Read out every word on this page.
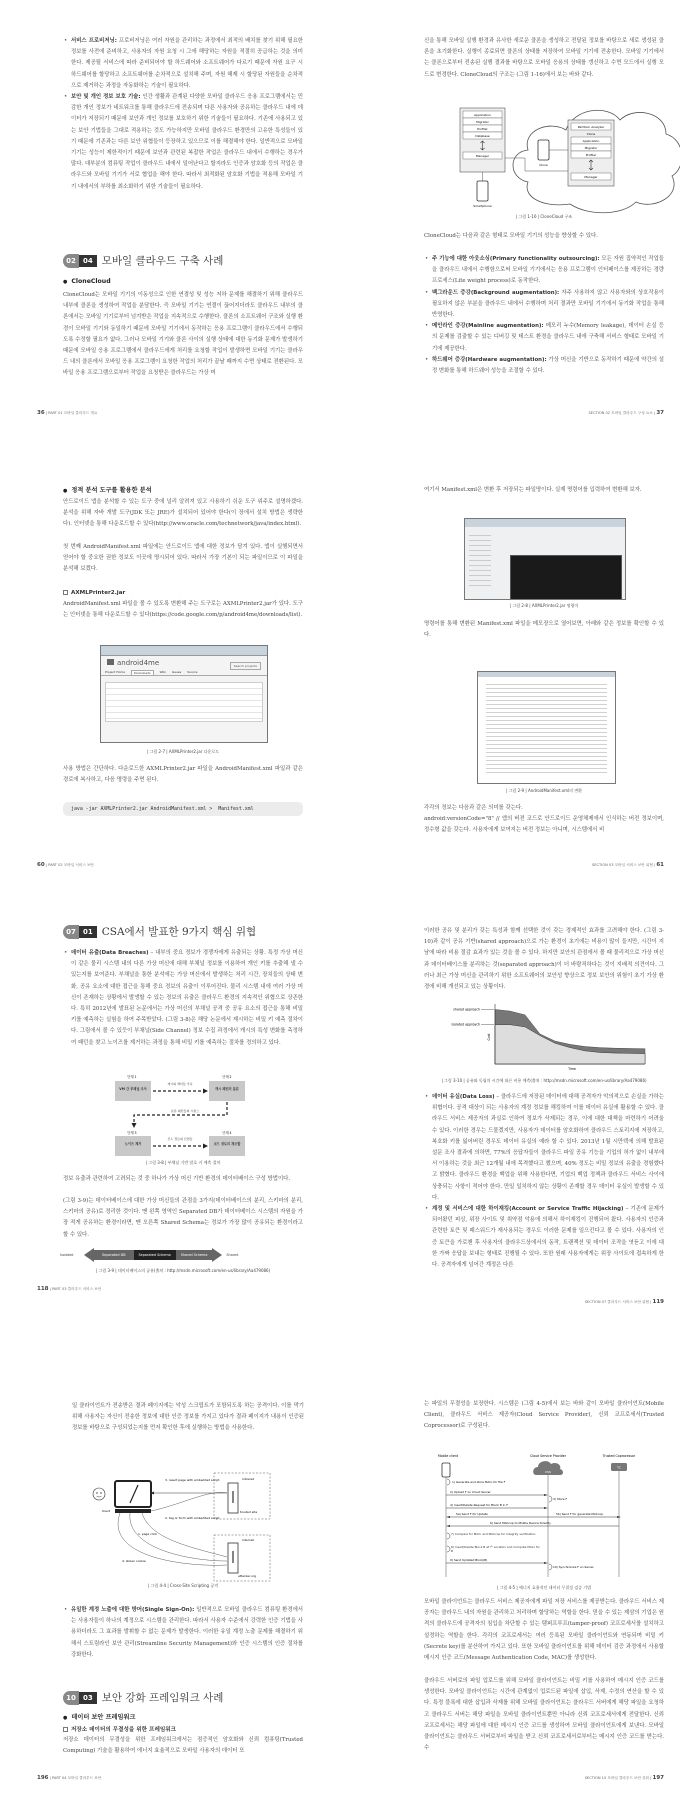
• 서비스 프로비저닝: 프로비저닝은 여러 자원을 관리하는 과정에서 최적의 배치를 찾기 위해 필요한 정보를 사전에 준비하고, 사용자의 자원 요청 시 그에 해당하는 자원을 적절히 공급하는 것을 의미한다. 제공될 서비스에 따라 준비되어야 할 하드웨어와 소프트웨어가 다르기 때문에 자원 요구 시 하드웨어를 할당하고 소프트웨어를 순차적으로 설치해 주며, 자원 해제 시 할당된 자원들을 순차적으로 제거하는 과정을 자동화하는 기술이 필요하다.
• 보안 및 개인 정보 보호 기술: 인간 생활과 관계된 다양한 모바일 클라우드 응용 프로그램에서는 민감한 개인 정보가 네트워크를 통해 클라우드에 전송되며 다른 사용자와 공유하는 클라우드 내에 데이터가 저장되기 때문에 보안과 개인 정보를 보호하기 위한 기술들이 필요하다. 기존에 사용되고 있는 보안 기법들을 그대로 적용하는 것도 가능하지만 모바일 클라우드 환경만의 고유한 특성들이 있기 때문에 기존과는 다른 보안 위협들이 등장하고 있으므로 이를 해결해야 한다. 일반적으로 모바일 기기는 성능이 제한적이기 때문에 보안과 관련된 복잡한 작업은 클라우드 내에서 수행하는 경우가 많다. 대부분의 컴퓨팅 작업이 클라우드 내에서 일어난다고 할지라도 인증과 암호화 등의 작업은 클라우드와 모바일 기기가 서로 협업을 해야 한다. 따라서 최적화된 암호화 기법을 적용해 모바일 기기 내에서의 부하를 최소화하기 위한 기술들이 필요하다.
02	04 모바일 클라우드 구축 사례
● CloneCloud
CloneCloud는 모바일 기기의 이동성으로 인한 연결성 및 성능 저하 문제를 해결하기 위해 클라우드 내부에 클론을 생성하여 작업을 분담한다. 즉 모바일 기기는 연결이 끊어지더라도 클라우드 내부의 클론에서는 모바일 기기로부터 넘겨받은 작업을 지속적으로 수행한다. 클론의 소프트웨어 구조와 실행 환경이 모바일 기기와 동일하기 때문에 모바일 기기에서 동작하는 응용 프로그램이 클라우드에서 수행되도록 수정할 필요가 없다. 그러나 모바일 기기와 클론 사이의 실행 상태에 대한 동기화 문제가 발생하기 때문에 모바일 응용 프로그램에서 클라우드에게 처리를 요청할 작업이 발생하면 모바일 기기는 클라우드 내의 클론에서 모바일 응용 프로그램이 요청한 작업의 처리가 끝날 때까지 수면 상태로 전환된다. 모바일 응용 프로그램으로부터 작업을 요청받은 클라우드는 가상 머
36 | PART 01 모바일 클라우드 개요
신을 통해 모바일 실행 환경과 유사한 새로운 클론을 생성하고 전달된 정보를 바탕으로 새로 생성된 클론을 초기화한다. 실행이 종료되면 클론의 상태를 저장하여 모바일 기기에 전송한다. 모바일 기기에서는 클론으로부터 전송된 실행 결과를 바탕으로 모바일 응용의 상태를 갱신하고 수면 모드에서 실행 모드로 변경한다. CloneCloud의 구조는 (그림 1-16)에서 보는 바와 같다.
Application
Migrator
Profiler
Database
Manager
Smartphone
Clone
Partition Analyzer
Clone
Application
Migrator
Profiler
Manager
| 그림 1-16 | CloneCloud 구조
CloneCloud는 다음과 같은 형태로 모바일 기기의 성능을 향상할 수 있다.
• 주 기능에 대한 아웃소싱(Primary functionality outsourcing): 모든 자원 집약적인 작업들을 클라우드 내에서 수행함으로써 모바일 기기에서는 응용 프로그램이 인터페이스를 제공하는 경량 프로세스(Lite weight process)로 동작한다.
• 백그라운드 증강(Background augmentation): 자주 사용하지 않고 사용자와의 상호작용이 필요하지 않은 부분을 클라우드 내에서 수행하며 처리 결과만 모바일 기기에서 동기화 작업을 통해 반영한다.
• 메인라인 증강(Mainline augmentation): 메모리 누수(Memory leakage), 데이터 손실 등의 문제를 검출할 수 있는 디버깅 및 테스트 환경을 클라우드 내에 구축해 서비스 형태로 모바일 기기에 제공한다.
• 하드웨어 증강(Hardware augmentation): 가상 머신을 기반으로 동작하기 때문에 약간의 설정 변화를 통해 하드웨어 성능을 조절할 수 있다.
SECTION 02 모바일 클라우드 구성 요소 | 37
● 정적 분석 도구를 활용한 분석
안드로이드 앱을 분석할 수 있는 도구 중에 널리 알려져 있고 사용하기 쉬운 도구 위주로 설명하겠다. 분석을 위해 자바 개발 도구(JDK 또는 JRE)가 설치되어 있어야 한다(이 장에서 설치 방법은 생략한다). 인터넷을 통해 다운로드할 수 있다(http://www.oracle.com/technetwork/java/index.html).
첫 번째 AndroidManifest.xml 파일에는 안드로이드 앱에 대한 정보가 담겨 있다. 앱이 실행되면서 얻어야 할 중요한 권한 정보도 이곳에 명시되어 있다. 따라서 가장 기본이 되는 파일이므로 이 파일을 분석해 보겠다.
AXMLPrinter2.jar
AndroidManifest.xml 파일을 볼 수 있도록 변환해 주는 도구로는 AXMLPrinter2.jar가 있다. 도구는 인터넷을 통해 다운로드할 수 있다(https://code.google.com/p/android4me/downloads/list).
android4me	Search projects
Project Home	Downloads	Wiki Issues Source
| 그림 2-7 | AXMLPrinter2.jar 다운로드
사용 방법은 간단하다. 다운로드한 AXMLPrinter2.jar 파일을 AndroidManifest.xml 파일과 같은 경로에 복사하고, 다음 명령을 주면 된다.
java -jar AXMLPrinter2.jar AndroidManifest.xml >  Manifest.xml
60 | PART 02 모바일 서비스 보안
여기서 Manifest.xml은 변환 후 저장되는 파일명이다. 실제 명령어를 입력하여 변환해 보자.
| 그림 2-8 | AXMLPrinter2.jar 명령어
명령어를 통해 변환된 Manifest.xml 파일을 메모장으로 열어보면, 아래와 같은 정보를 확인할 수 있다.
| 그림 2-9 | AndroidManifest.xml의 변환
각각의 정보는 다음과 같은 의미를 갖는다.
android:versionCode="8" // 앱의 버전 코드로 안드로이드 운영체제에서 인식하는 버전 정보이며, 정수형 값을 갖는다. 사용자에게 보여지는 버전 정보는 아니며, 시스템에서 비
SECTION 03 모바일 서비스 보안 위협 | 61
07	01 CSA에서 발표한 9가지 핵심 위협
• 데이터 유출(Data Breaches) – 내부의 중요 정보가 경쟁자에게 유출되는 상황. 특정 가상 머신이 같은 물리 시스템 내의 다른 가상 머신에 대해 부채널 정보를 이용하여 개인 키를 추출해 낼 수 있는지를 보여준다. 부채널을 통한 분석에는 가상 머신에서 발생하는 처리 시간, 장치들의 상태 변화, 공유 요소에 대한 접근을 통해 중요 정보의 유출이 이루어진다. 물리 시스템 내에 여러 가상 머신이 존재하는 상황에서 발생할 수 있는 정보의 유출은 클라우드 환경의 지속적인 위협으로 상존한다. 특히 2012년에 발표된 논문에서는 가상 머신의 부채널 공격 중 공유 요소의 접근을 통해 비밀 키를 예측하는 실험을 하여 주목받았다. (그림 3-8)은 해당 논문에서 제시하는 비밀 키 예측 절차이다. 그림에서 볼 수 있듯이 부채널(Side Channel) 정보 수집 과정에서 캐시의 특성 변화를 측정하여 패턴을 찾고 노이즈를 제거하는 과정을 통해 비밀 키를 예측하는 절차를 정의하고 있다.
단계 1
VM 간 부채널 조사
단계 2
캐시 패턴의 분류
캐시의 벡터들 가속
분류 패턴들의 시퀀스
단계 3
노이즈 제거
단계 4
코드 경로의 재조합
코드 경로의 단편들
| 그림 3-8 | 부채널 기반 암호 키 예측 절차
정보 유출과 관련하여 고려되는 것 중 하나가 가상 머신 기반 환경의 데이터베이스 구성 방법이다.
(그림 3-9)는 데이터베이스에 대한 가상 머신들의 관점을 3가지(데이터베이스의 분리, 스키마의 분리, 스키마의 공유)로 정리한 것이다. 맨 왼쪽 영역인 Separated DB가 데이터베이스 시스템의 자원을 가장 적게 공유하는 환경이라면, 맨 오른쪽 Shared Schema는 정보가 가장 많이 공유되는 환경이라고 할 수 있다.
Isolated	Separated DB	Separated Schema	Shared Schema	Shared
| 그림 3-9 | 데이터베이스의 공유(출처 : http://msdn.microsoft.com/en-us/library/Aa479086)
118 | PART 03 클라우드 서비스 보안
이러한 공유 및 분리가 갖는 특성과 함께 선택한 것이 갖는 경제적인 효과를 고려해야 한다. (그림 3-10)과 같이 공유 기반(shared approach)으로 가는 환경이 초기에는 비용이 많이 들지만, 시간이 지남에 따라 비용 절감 효과가 있는 것을 볼 수 있다. 하지만 보안의 관점에서 볼 때 물리적으로 가상 머신과 데이터베이스를 분리하는 것(separated approach)이 더 바람직하다는 것이 지배적 의견이다. 그러나 최근 가상 머신을 관리하기 위한 소프트웨어의 보안성 향상으로 정보 보안의 위험이 초기 가상 환경에 비해 개선되고 있는 상황이다.
shared approach
isolated approach
Time
Cost
| 그림 3-10 | 공유와 독립의 시간에 따른 비용 예측(출처 : http://msdn.microsoft.com/en-us/library/Aa479086)
• 데이터 유실(Data Loss) – 클라우드에 저장된 데이터에 대해 공격자가 악의적으로 손실을 가하는 위협이다. 공격 대상이 되는 사용자의 계정 정보를 해킹하여 이를 데이터 유실에 활용할 수 있다. 클라우드 서비스 제공자의 과실로 인하여 정보가 삭제되는 경우, 이에 대한 대책을 마련하기 어려울 수 있다. 이러한 경우는 드물겠지만, 사용자가 데이터를 암호화하여 클라우드 스토리지에 저장하고, 복호화 키를 잃어버린 경우도 데이터 유실의 예라 할 수 있다. 2013년 1월 시만텍에 의해 발표된 설문 조사 결과에 의하면, 77%의 응답자들이 클라우드 파일 공유 기능을 기업의 허가 없이 내부에서 이용하는 것을 최근 12개월 내에 목격했다고 했으며, 40% 정도는 비밀 정보의 유출을 경험했다고 밝혔다. 클라우드 환경을 백업을 위해 사용한다면, 기업의 백업 정책과 클라우드 서비스 사이에 상충되는 사항이 적어야 한다. 만일 일치하지 않는 상황이 존재할 경우 데이터 유실이 발생할 수 있다.
• 계정 및 서비스에 대한 하이재킹(Account or Service Traffic Hijacking) – 기존에 문제가 되어왔던 피싱, 위장 사이트 및 취약점 악용에 의해서 하이재킹이 진행되어 왔다. 사용자의 인증과 관련한 토큰 및 패스워드가 재사용되는 경우도 이러한 문제를 일으킨다고 볼 수 있다. 사용자의 인증 토큰을 가로챈 후 사용자의 클라우드상에서의 동작, 트랜잭션 및 데이터 조작을 엿듣고 이에 대한 가짜 응답을 보내는 형태로 진행될 수 있다. 또한 원래 사용자에게는 위장 사이트에 접속하게 한다. 공격자에게 넘어간 계정은 다른
SECTION 07 클라우드 서비스 보안 위협 | 119
일 클라이언트가 전송받은 결과 페이지에는 악성 스크립트가 포함되도록 하는 공격이다. 이를 막기 위해 사용자는 자신이 전송한 정보에 대한 인증 정보를 가지고 있다가 결과 페이지가 내용이 인증된 정보를 바탕으로 구성되었는지를 먼저 확인한 후에 실행하는 방법을 사용한다.
client
intranet
trusted site
internet
attacker.org
3. result page with embedded script
2. tag or form with embedded script
1. page click
4. stolen cookie
| 그림 4-4 | Cross-Site Scripting 공격
• 유일한 계정 노출에 대한 방어(Single Sign-On): 일반적으로 모바일 클라우드 컴퓨팅 환경에서는 사용자들이 하나의 계정으로 시스템을 관리한다. 따라서 사용자 수준에서 강력한 인증 기법을 사용하더라도 그 효과를 발휘할 수 없는 문제가 발생한다. 이러한 유일 계정 노출 문제를 해결하기 위해서 스트림라인 보안 관리(Streamline Security Management)와 인증 시스템의 인증 절차를 강화한다.
10	03 보안 강화 프레임워크 사례
● 데이터 보안 프레임워크
저장소 데이터의 무결성을 위한 프레임워크
저장소 데이터의 무결성을 위한 프레임워크에서는 점증적인 암호화와 신뢰 컴퓨팅(Trusted Computing) 기술을 활용하여 에너지 효율적으로 모바일 사용자의 데이터 또
196 | PART 04 모바일 클라우드 보안
는 파일의 무결성을 보장한다. 시스템은 (그림 4-5)에서 보는 바와 같이 모바일 클라이언트(Mobile Client), 클라우드 서비스 제공자(Cloud Service Provider), 신뢰 코프로세서(Trusted Coprocessor)로 구성된다.
Mobile client	Cloud Service Provider	Trusted Coprocessor
CSS
TC
1) Generate and store MAC₁ for file F
2) Upload F on Cloud Server
3) Store F
4) Insert/Delete Request for Block B in F
5a) Send F for Update	5b) Send F for generate MACcop
6) Send MACcop to Mobile Device Directly
7) Compare for MAC₁ and MACcop for Integrity verification
8) Insert/Delete Block B at iᵗʰ Location and Compute MAC₂ for B
9) Send Updated Block(B)
10) Synchronize F on Server
| 그림 4-5 | 에너지 효율적인 데이터 무결성 검증 기법
모바일 클라이언트는 클라우드 서비스 제공자에게 파일 저장 서비스를 제공받는다. 클라우드 서비스 제공자는 클라우드 내의 자원을 관리하고 처리하며 할당하는 역할을 한다. 믿을 수 있는 제삼의 기업은 원격의 클라우드에 공격자의 침입을 차단할 수 있는 탬퍼프루프(tamper-proof) 코프로세서를 설치하고 설정하는 역할을 한다. 각각의 코프로세서는 여러 등록된 모바일 클라이언트와 연동되며 비밀 키(Secrete key)를 분산하여 가지고 있다. 또한 모바일 클라이언트를 위해 데이터 검증 과정에서 사용할 메시지 인증 코드(Message Authentication Code, MAC)를 생성한다.
클라우드 서버로의 파일 업로드를 위해 모바일 클라이언트는 비밀 키를 사용하여 메시지 인증 코드를 생성한다. 모바일 클라이언트는 시간에 관계없이 업로드된 파일에 삽입, 삭제, 수정의 연산을 할 수 있다. 특정 블록에 대한 삽입과 삭제를 위해 모바일 클라이언트는 클라우드 서버에게 해당 파일을 요청하고 클라우드 서버는 해당 파일을 모바일 클라이언트뿐만 아니라 신뢰 코프로세서에게 전달한다. 신뢰 코프로세서는 해당 파일에 대한 메시지 인증 코드를 생성하여 모바일 클라이언트에게 보낸다. 모바일 클라이언트는 클라우드 서버로부터 파일을 받고 신뢰 코프로세서로부터는 메시지 인증 코드를 받는다. 수
SECTION 10 모바일 클라우드 보안 강화 | 197
